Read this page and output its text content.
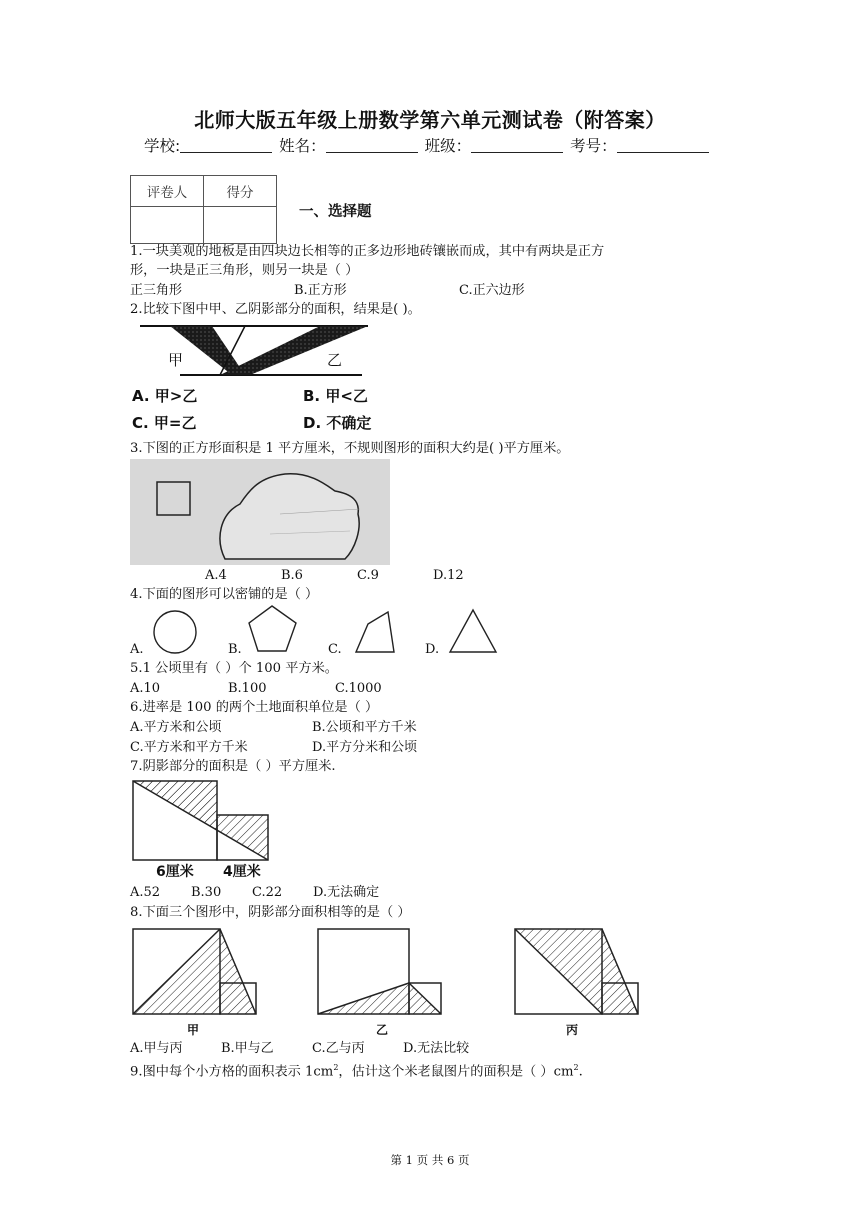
北师大版五年级上册数学第六单元测试卷（附答案）
学校:	姓名：	班级：	考号：
评卷人	得分

一、选择题
1.一块美观的地板是由四块边长相等的正多边形地砖镶嵌而成，其中有两块是正方
形，一块是正三角形，则另一块是（ ）
正三角形	B.正方形	C.正六边形
2.比较下图中甲、乙阴影部分的面积，结果是( )。
甲	乙
A. 甲>乙	B. 甲<乙
C. 甲=乙	D. 不确定
3.下图的正方形面积是 1 平方厘米，不规则图形的面积大约是( )平方厘米。
A.4	B.6	C.9	D.12
4.下面的图形可以密铺的是（ ）
A.	B.	C.	D.
5.1 公顷里有（ ）个 100 平方米。
A.10	B.100	C.1000
6.进率是 100 的两个土地面积单位是（ ）
A.平方米和公顷	B.公顷和平方千米
C.平方米和平方千米	D.平方分米和公顷
7.阴影部分的面积是（ ）平方厘米.
6厘米 4厘米
A.52 B.30 C.22 D.无法确定
8.下面三个图形中，阴影部分面积相等的是（ ）
甲	乙	丙
A.甲与丙	B.甲与乙	C.乙与丙	D.无法比较
9.图中每个小方格的面积表示 $1cm^2$，估计这个米老鼠图片的面积是（ ）$cm^2$.
第 1 页 共 6 页
